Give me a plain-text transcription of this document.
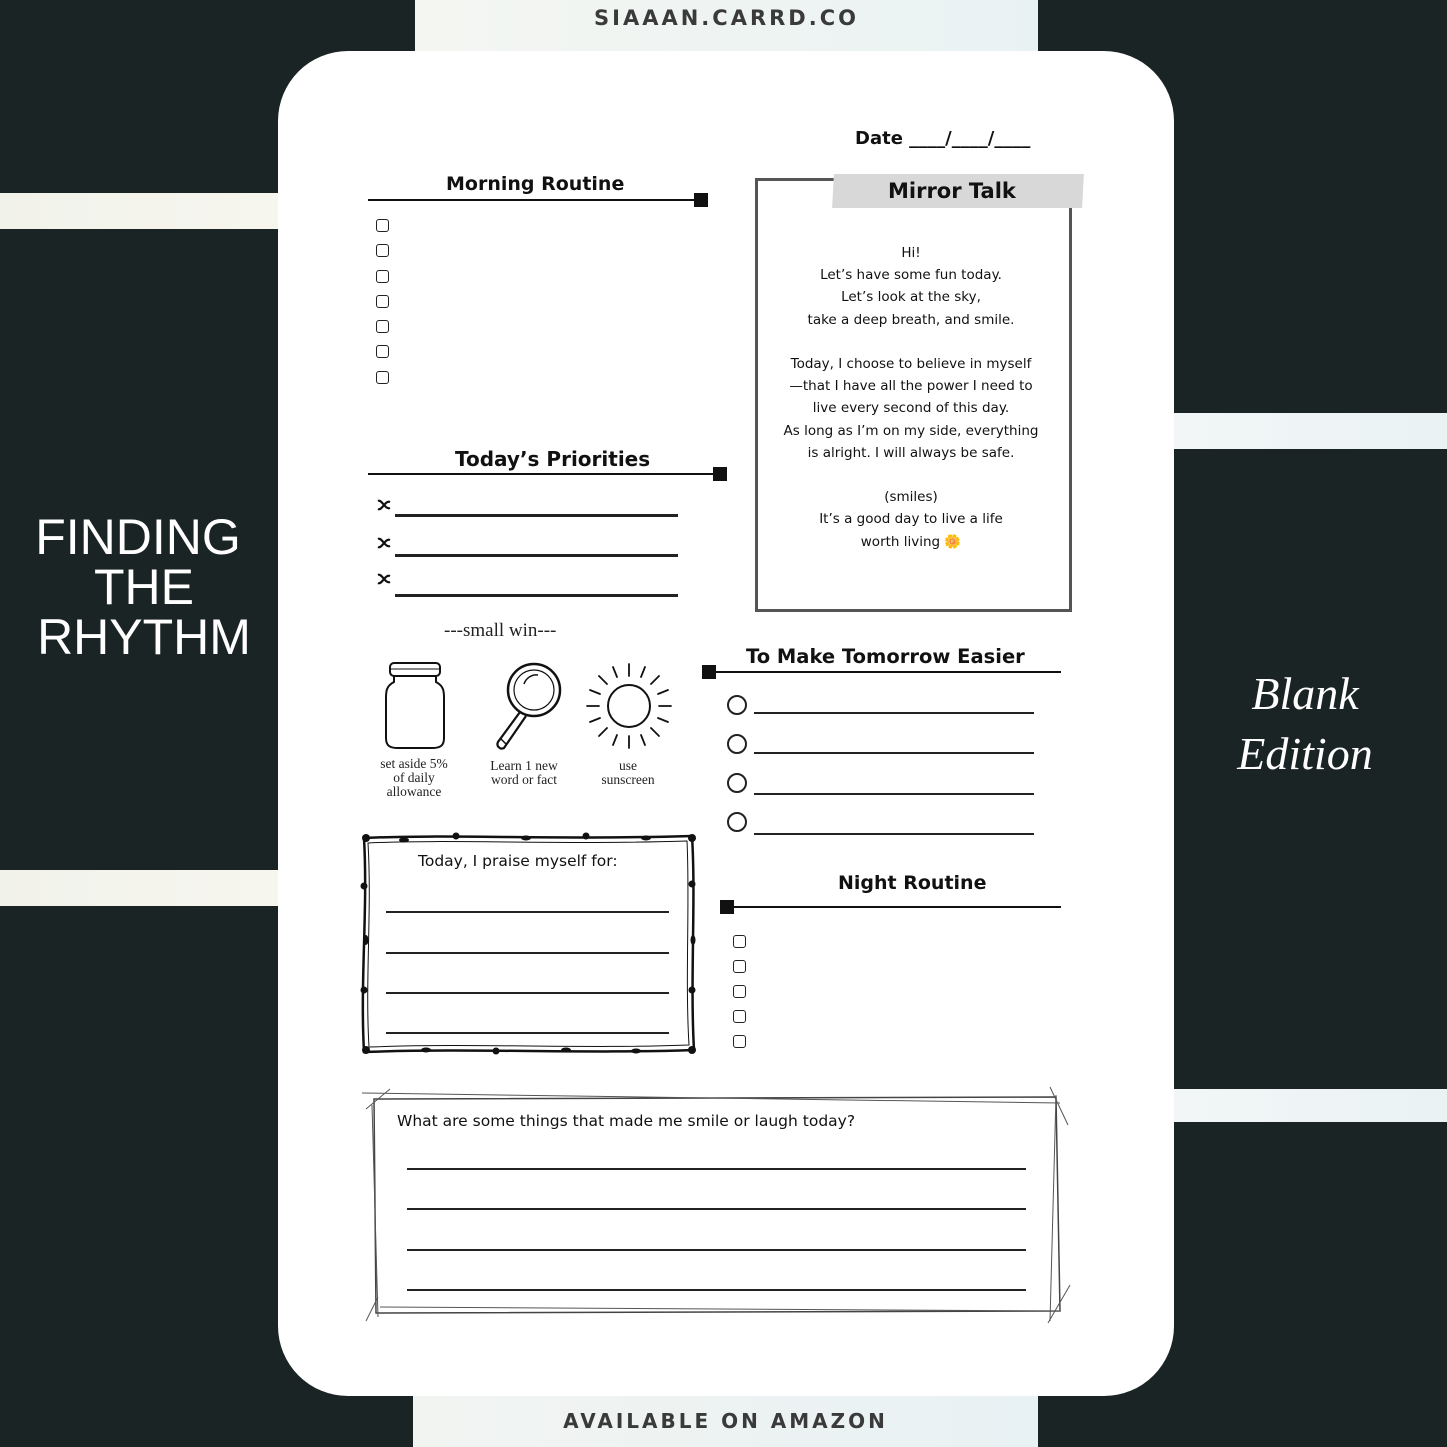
SIAAAN.CARRD.CO
AVAILABLE ON AMAZON
FINDING
THE
RHYTHM
Blank
Edition
Date ____/____/____
Morning Routine
Today’s Priorities
Mirror Talk
Hi!
Let’s have some fun today.
Let’s look at the sky,
take a deep breath, and smile.

Today, I choose to believe in myself
—that I have all the power I need to
live every second of this day.
As long as I’m on my side, everything
is alright. I will always be safe.

(smiles)
It’s a good day to live a life
worth living 🌼
---small win---
set aside 5%
of daily
allowance
Learn 1 new
word or fact
use
sunscreen
To Make Tomorrow Easier
Today, I praise myself for:
Night Routine
What are some things that made me smile or laugh today?
